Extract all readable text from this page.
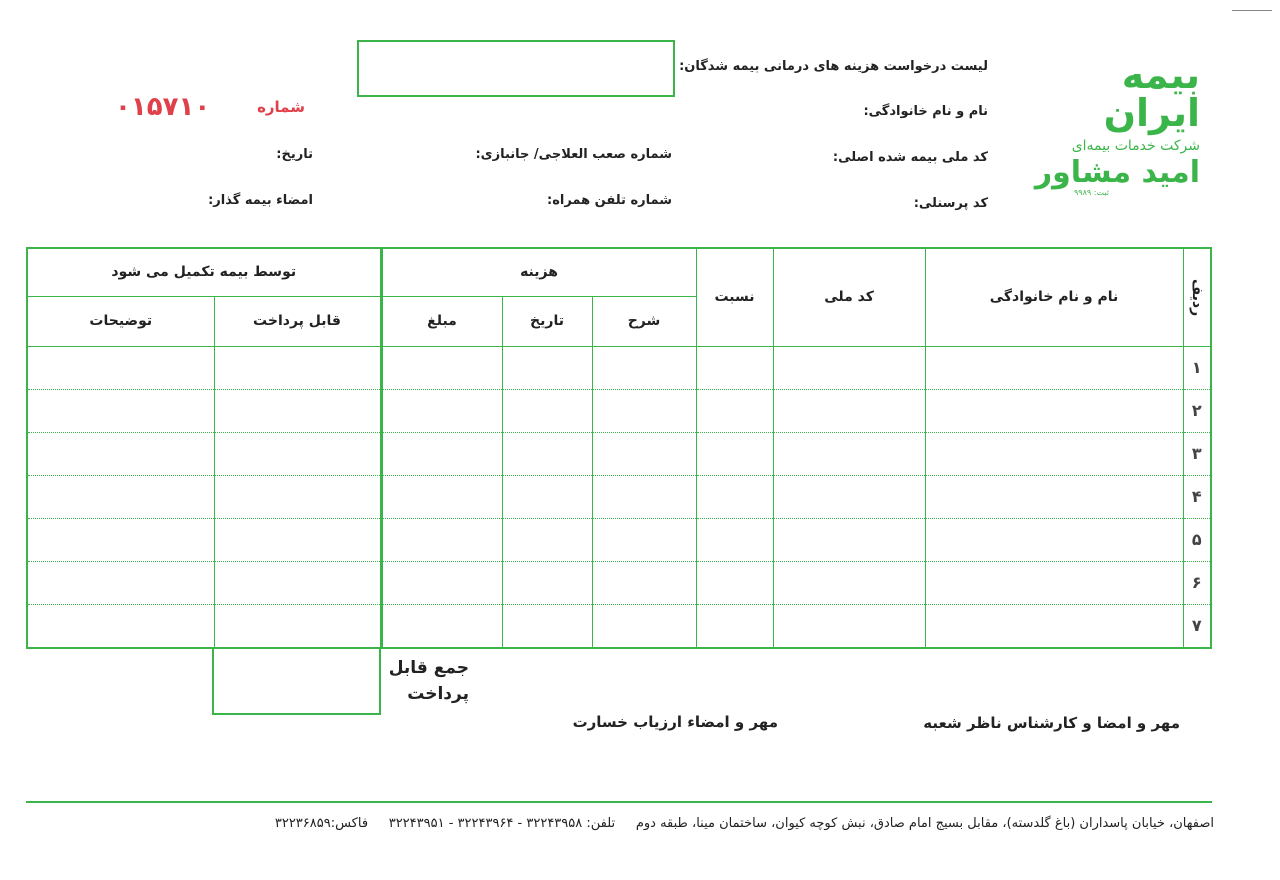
بیمه ایران
شرکت خدمات بیمه‌ای
امید مشاور
ثبت: ۹۹۸۹
شماره
۰۱۵۷۱۰
لیست درخواست هزینه های درمانی بیمه شدگان:
نام و نام خانوادگی:
کد ملی بیمه شده اصلی:
کد پرسنلی:
شماره صعب العلاجی/ جانبازی:
شماره تلفن همراه:
تاریخ:
امضاء بیمه گذار:
ردیف	نام و نام خانوادگی	کد ملی	نسبت	هزینه			توسط بیمه تکمیل می شود	
				شرح	تاریخ	مبلغ	قابل پرداخت	توضیحات
۱								
۲								
۳								
۴								
۵								
۶								
۷								
جمع قابل
پرداخت
مهر و امضاء ارزیاب خسارت	مهر و امضا و کارشناس ناظر شعبه
اصفهان، خیابان پاسداران (باغ گلدسته)، مقابل بسیج امام صادق، نبش کوچه کیوان، ساختمان مینا، طبقه دوم     تلفن: ۳۲۲۴۳۹۵۸ - ۳۲۲۴۳۹۶۴ - ۳۲۲۴۳۹۵۱     فاکس:۳۲۲۳۶۸۵۹
